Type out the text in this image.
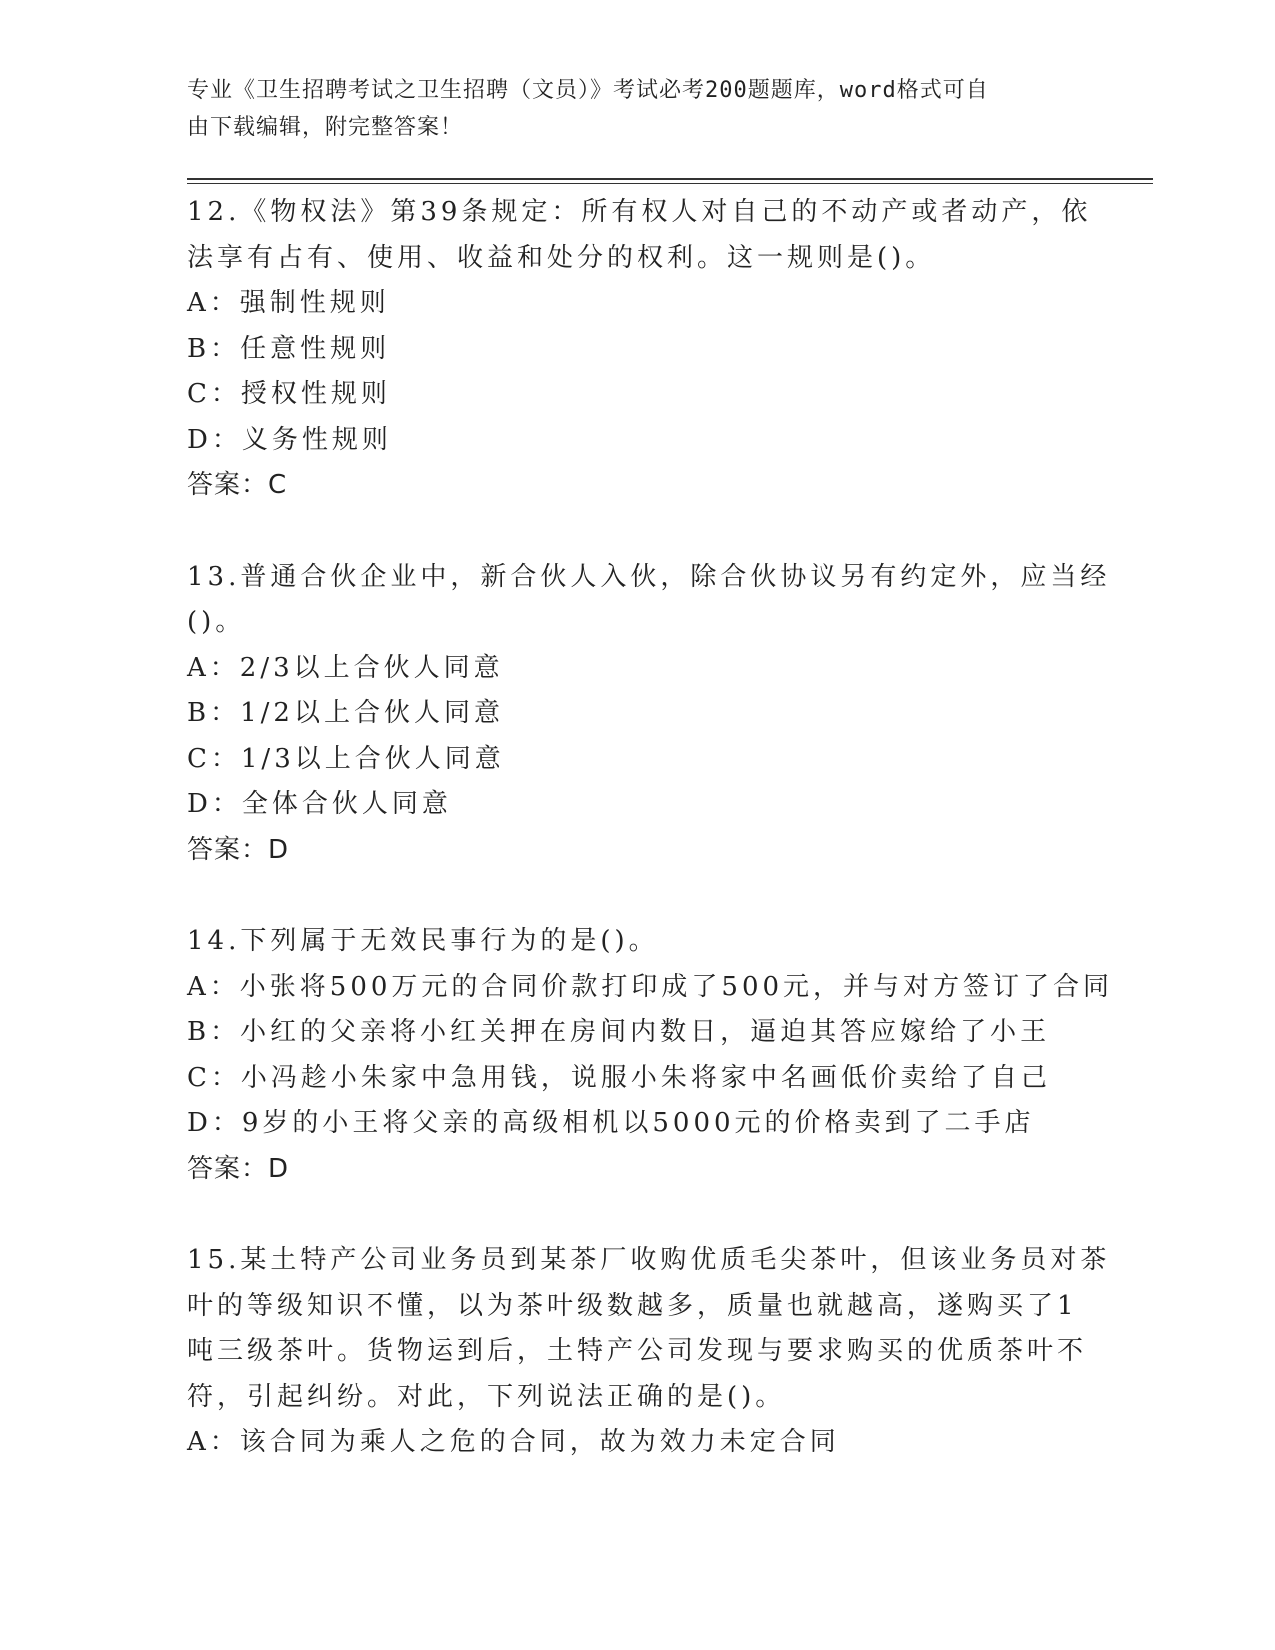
专业《卫生招聘考试之卫生招聘（文员）》考试必考200题题库，word格式可自
由下载编辑，附完整答案！
12.《物权法》第39条规定：所有权人对自己的不动产或者动产，依
法享有占有、使用、收益和处分的权利。这一规则是()。
A：强制性规则
B：任意性规则
C：授权性规则
D：义务性规则
答案：C
13.普通合伙企业中，新合伙人入伙，除合伙协议另有约定外，应当经
()。
A：2/3以上合伙人同意
B：1/2以上合伙人同意
C：1/3以上合伙人同意
D：全体合伙人同意
答案：D
14.下列属于无效民事行为的是()。
A：小张将500万元的合同价款打印成了500元，并与对方签订了合同
B：小红的父亲将小红关押在房间内数日，逼迫其答应嫁给了小王
C：小冯趁小朱家中急用钱，说服小朱将家中名画低价卖给了自己
D：9岁的小王将父亲的高级相机以5000元的价格卖到了二手店
答案：D
15.某土特产公司业务员到某茶厂收购优质毛尖茶叶，但该业务员对茶
叶的等级知识不懂，以为茶叶级数越多，质量也就越高，遂购买了1
吨三级茶叶。货物运到后，土特产公司发现与要求购买的优质茶叶不
符，引起纠纷。对此，下列说法正确的是()。
A：该合同为乘人之危的合同，故为效力未定合同
